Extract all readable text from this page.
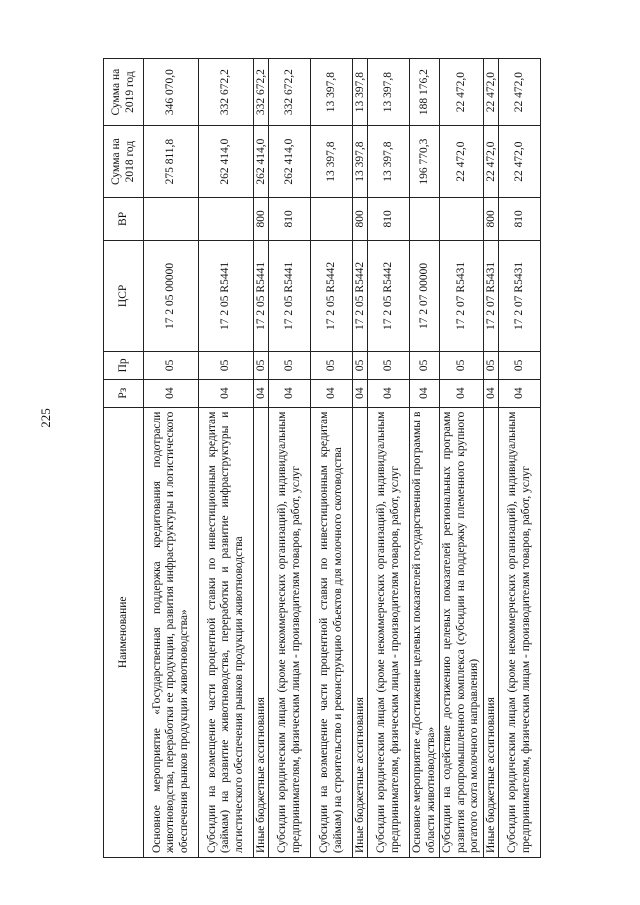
225
Наименование	Рз	Пр	ЦСР	ВР	Сумма на 2018 год	Сумма на 2019 год
Основное мероприятие «Государственная поддержка кредитования подотрасли животноводства, переработки ее продукции, развития инфраструктуры и логистического обеспечения рынков продукции животноводства»	04	05	17 2 05 00000		275 811,8	346 070,0
Субсидии на возмещение части процентной ставки по инвестиционным кредитам (займам) на развитие животноводства, переработки и развитие инфраструктуры и логистического обеспечения рынков продукции животноводства	04	05	17 2 05 R5441		262 414,0	332 672,2
Иные бюджетные ассигнования	04	05	17 2 05 R5441	800	262 414,0	332 672,2
Субсидии юридическим лицам (кроме некоммерческих организаций), индивидуальным предпринимателям, физическим лицам - производителям товаров, работ, услуг	04	05	17 2 05 R5441	810	262 414,0	332 672,2
Субсидии на возмещение части процентной ставки по инвестиционным кредитам (займам) на строительство и реконструкцию объектов для молочного скотоводства	04	05	17 2 05 R5442		13 397,8	13 397,8
Иные бюджетные ассигнования	04	05	17 2 05 R5442	800	13 397,8	13 397,8
Субсидии юридическим лицам (кроме некоммерческих организаций), индивидуальным предпринимателям, физическим лицам - производителям товаров, работ, услуг	04	05	17 2 05 R5442	810	13 397,8	13 397,8
Основное мероприятие «Достижение целевых показателей государственной программы в области животноводства»	04	05	17 2 07 00000		196 770,3	188 176,2
Субсидии на содействие достижению целевых показателей региональных программ развития агропромышленного комплекса (субсидии на поддержку племенного крупного рогатого скота молочного направления)	04	05	17 2 07 R5431		22 472,0	22 472,0
Иные бюджетные ассигнования	04	05	17 2 07 R5431	800	22 472,0	22 472,0
Субсидии юридическим лицам (кроме некоммерческих организаций), индивидуальным предпринимателям, физическим лицам - производителям товаров, работ, услуг	04	05	17 2 07 R5431	810	22 472,0	22 472,0
